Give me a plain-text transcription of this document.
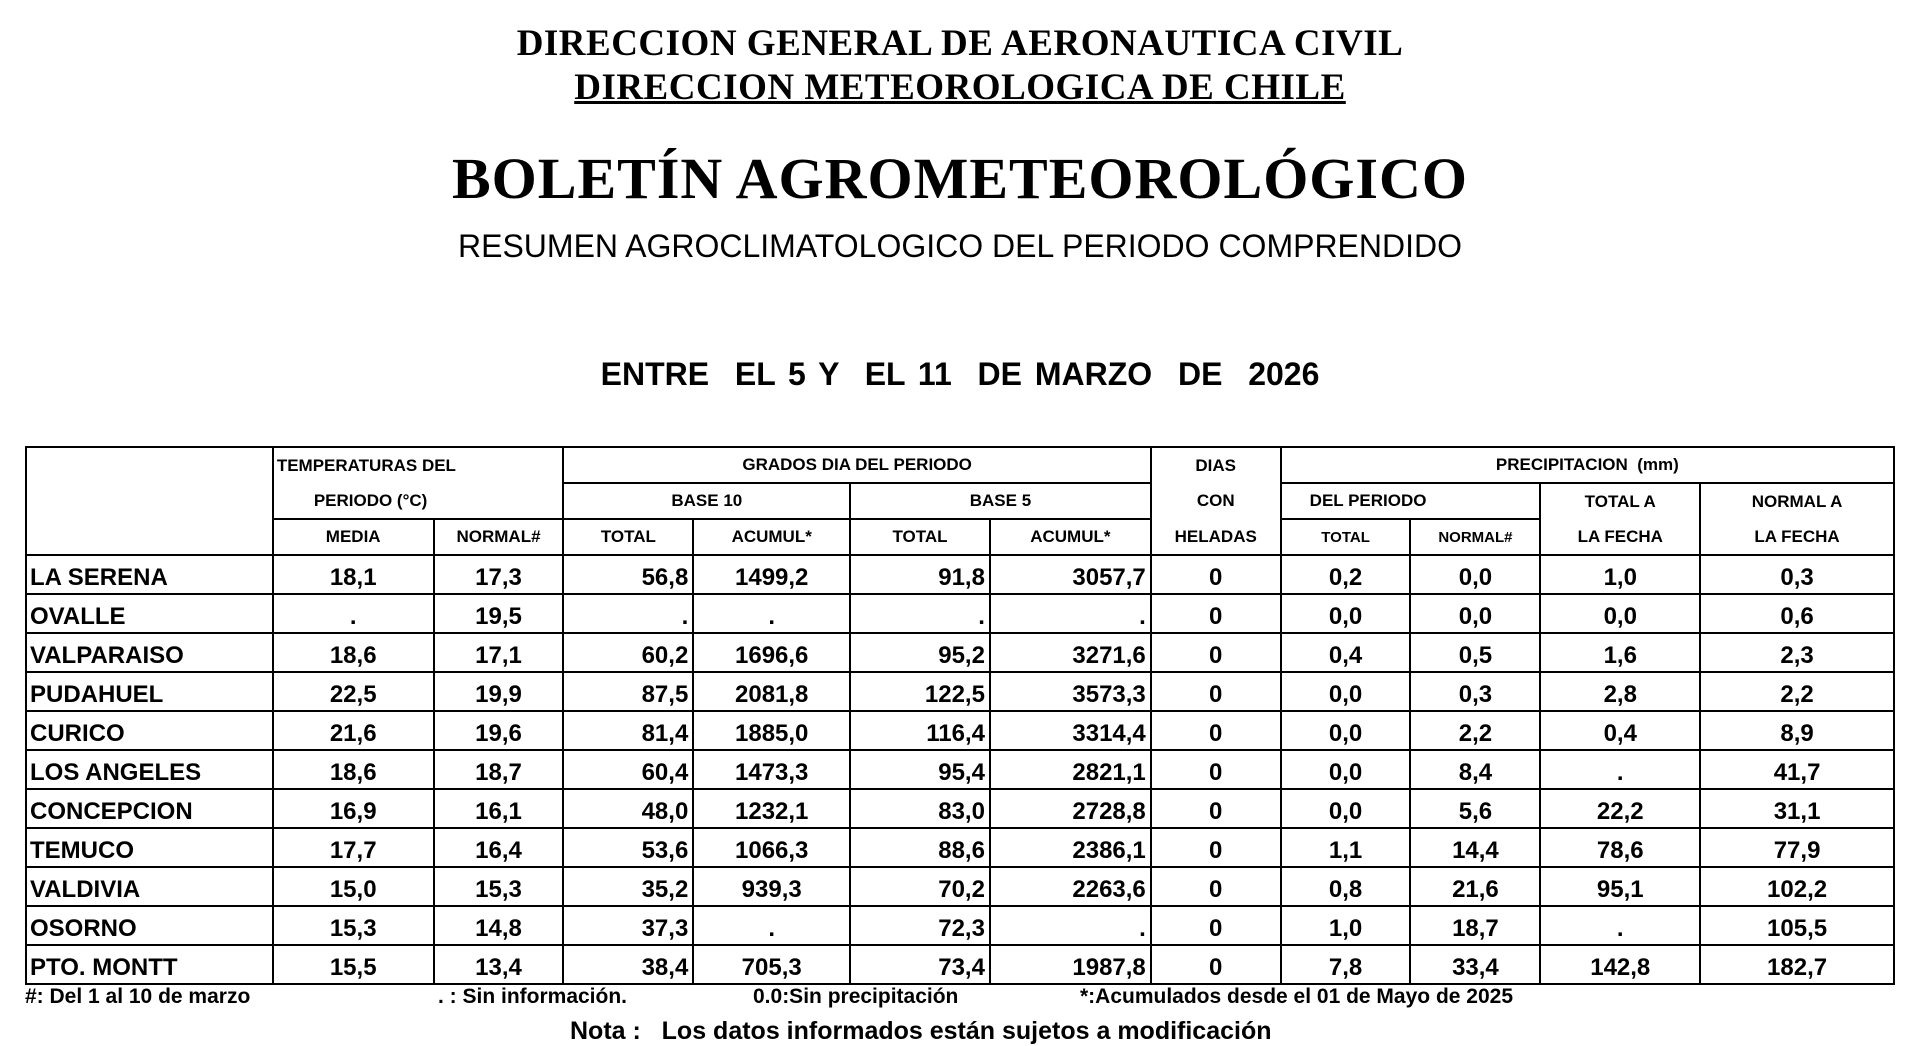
DIRECCION GENERAL DE AERONAUTICA CIVIL
DIRECCION METEOROLOGICA DE CHILE
BOLETÍN AGROMETEOROLÓGICO
RESUMEN AGROCLIMATOLOGICO DEL PERIODO COMPRENDIDO
ENTRE  EL 5 Y  EL 11  DE MARZO  DE  2026
	TEMPERATURAS DEL		GRADOS DIA DEL PERIODO				DIAS	PRECIPITACION  (mm)			
	PERIODO (°C)		BASE 10		BASE 5		CON	DEL PERIODO		TOTAL A	NORMAL A
	MEDIA	NORMAL#	TOTAL	ACUMUL*	TOTAL	ACUMUL*	HELADAS	TOTAL	NORMAL#	LA FECHA	LA FECHA
LA SERENA	18,1	17,3	56,8	1499,2	91,8	3057,7	0	0,2	0,0	1,0	0,3
OVALLE	.	19,5	.	.	.	.	0	0,0	0,0	0,0	0,6
VALPARAISO	18,6	17,1	60,2	1696,6	95,2	3271,6	0	0,4	0,5	1,6	2,3
PUDAHUEL	22,5	19,9	87,5	2081,8	122,5	3573,3	0	0,0	0,3	2,8	2,2
CURICO	21,6	19,6	81,4	1885,0	116,4	3314,4	0	0,0	2,2	0,4	8,9
LOS ANGELES	18,6	18,7	60,4	1473,3	95,4	2821,1	0	0,0	8,4	.	41,7
CONCEPCION	16,9	16,1	48,0	1232,1	83,0	2728,8	0	0,0	5,6	22,2	31,1
TEMUCO	17,7	16,4	53,6	1066,3	88,6	2386,1	0	1,1	14,4	78,6	77,9
VALDIVIA	15,0	15,3	35,2	939,3	70,2	2263,6	0	0,8	21,6	95,1	102,2
OSORNO	15,3	14,8	37,3	.	72,3	.	0	1,0	18,7	.	105,5
PTO. MONTT	15,5	13,4	38,4	705,3	73,4	1987,8	0	7,8	33,4	142,8	182,7
#: Del 1 al 10 de marzo	. : Sin información.	0.0:Sin precipitación	*:Acumulados desde el 01 de Mayo de 2025
Nota :   Los datos informados están sujetos a modificación
